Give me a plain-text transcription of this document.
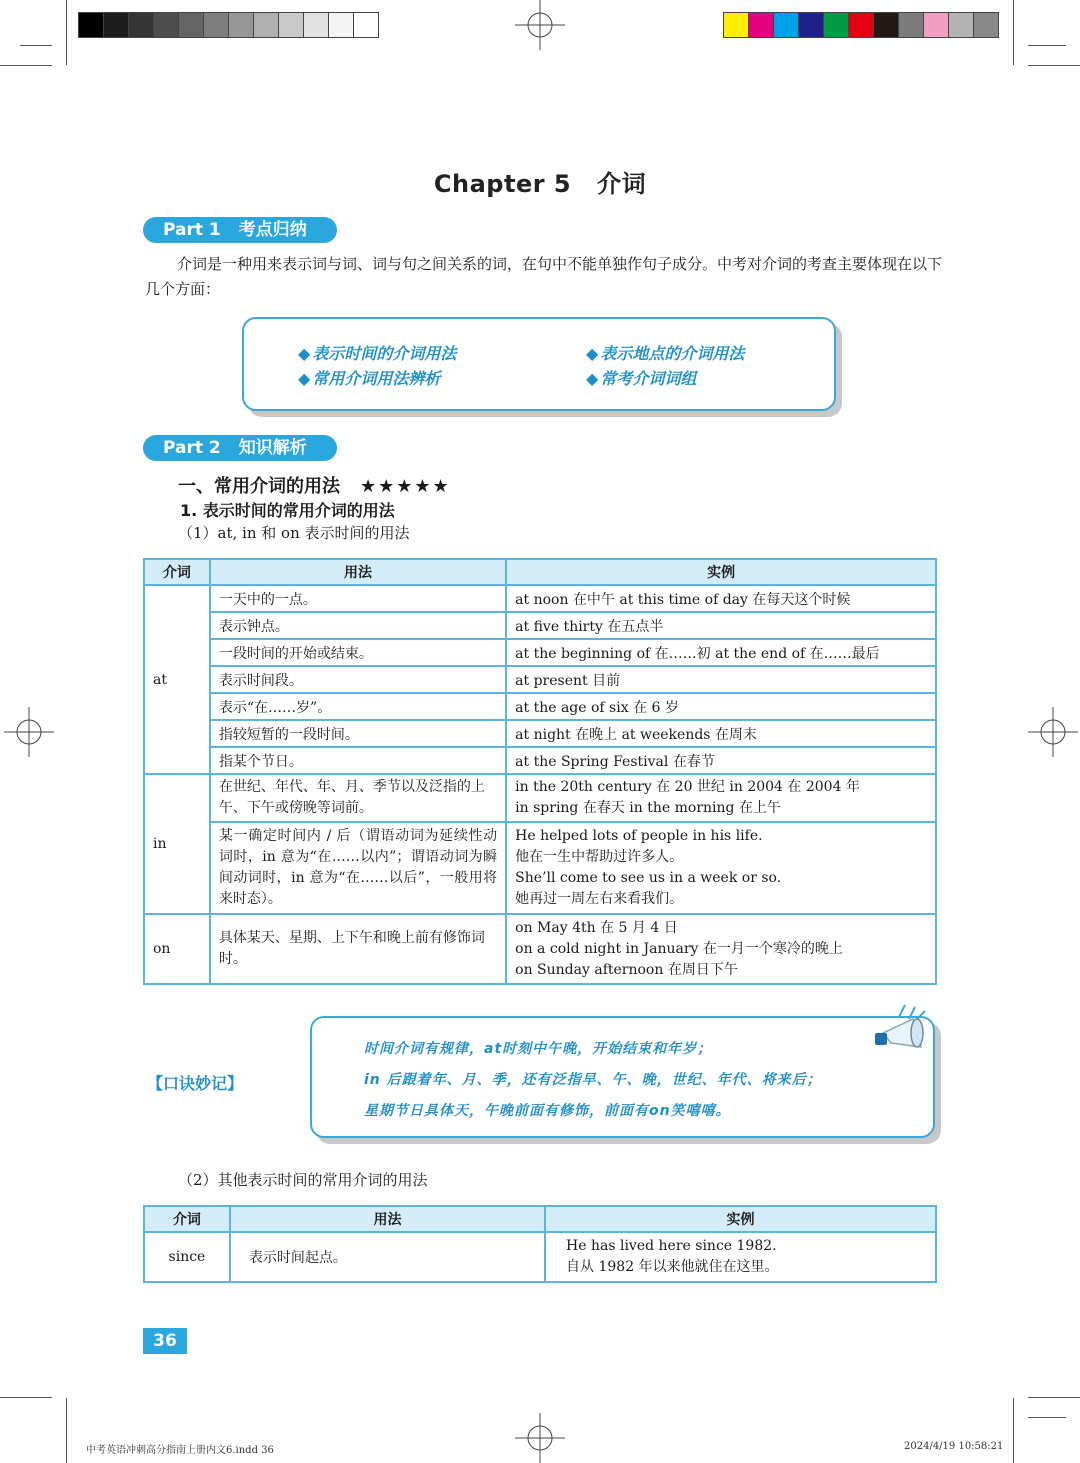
Chapter 5 介词
Part 1 考点归纳
介词是一种用来表示词与词、词与句之间关系的词，在句中不能单独作句子成分。中考对介词的考查主要体现在以下几个方面：
◆ 表示时间的介词用法	◆ 表示地点的介词用法
◆ 常用介词用法辨析	◆ 常考介词词组
Part 2 知识解析
一、常用介词的用法 ★★★★★
1. 表示时间的常用介词的用法
（1）at, in 和 on 表示时间的用法
介词	用法	实例
at	一天中的一点。	at noon 在中午 at this time of day 在每天这个时候
	表示钟点。	at five thirty 在五点半
	一段时间的开始或结束。	at the beginning of 在……初 at the end of 在……最后
	表示时间段。	at present 目前
	表示“在……岁”。	at the age of six 在 6 岁
	指较短暂的一段时间。	at night 在晚上 at weekends 在周末
	指某个节日。	at the Spring Festival 在春节
in	在世纪、年代、年、月、季节以及泛指的上午、下午或傍晚等词前。	in the 20th century 在 20 世纪 in 2004 在 2004 年
in spring 在春天 in the morning 在上午

	某一确定时间内 / 后（谓语动词为延续性动词时，in 意为“在……以内”；谓语动词为瞬间动词时，in 意为“在……以后”，一般用将来时态）。	He helped lots of people in his life.
他在一生中帮助过许多人。
She’ll come to see us in a week or so.
她再过一周左右来看我们。

on	具体某天、星期、上下午和晚上前有修饰词时。	on May 4th 在 5 月 4 日
on a cold night in January 在一月一个寒冷的晚上
on Sunday afternoon 在周日下午
【口诀妙记】
时间介词有规律，at时刻中午晚，开始结束和年岁；
in 后跟着年、月、季，还有泛指早、午、晚，世纪、年代、将来后；
星期节日具体天，午晚前面有修饰，前面有on笑嘻嘻。
（2）其他表示时间的常用介词的用法
介词	用法	实例
since	表示时间起点。	He has lived here since 1982.
自从 1982 年以来他就住在这里。
36
中考英语冲刺高分指南上册内文6.indd 36	2024/4/19 10:58:21
